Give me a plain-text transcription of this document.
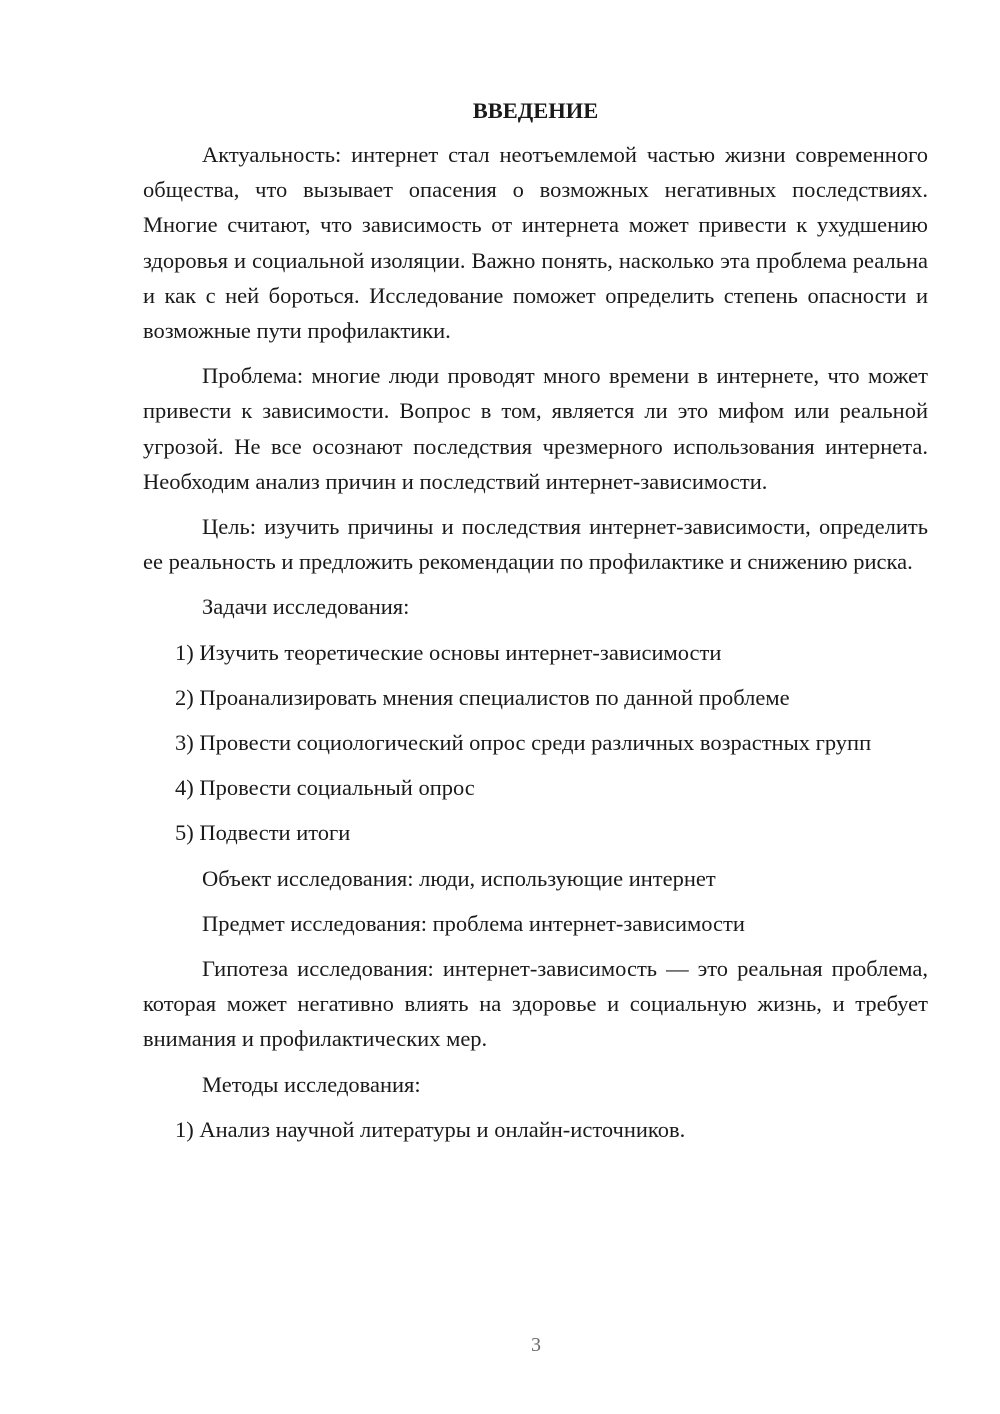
ВВЕДЕНИЕ

Актуальность: интернет стал неотъемлемой частью жизни современного общества, что вызывает опасения о возможных негативных последствиях. Многие считают, что зависимость от интернета может привести к ухудшению здоровья и социальной изоляции. Важно понять, насколько эта проблема реальна и как с ней бороться. Исследование поможет определить степень опасности и возможные пути профилактики.

Проблема: многие люди проводят много времени в интернете, что может привести к зависимости. Вопрос в том, является ли это мифом или реальной угрозой. Не все осознают последствия чрезмерного использования интернета. Необходим анализ причин и последствий интернет-зависимости.

Цель: изучить причины и последствия интернет-зависимости, определить ее реальность и предложить рекомендации по профилактике и снижению риска.

Задачи исследования:

1) Изучить теоретические основы интернет-зависимости

2) Проанализировать мнения специалистов по данной проблеме

3) Провести социологический опрос среди различных возрастных групп

4) Провести социальный опрос

5) Подвести итоги

Объект исследования: люди, использующие интернет

Предмет исследования: проблема интернет-зависимости

Гипотеза исследования: интернет-зависимость — это реальная проблема, которая может негативно влиять на здоровье и социальную жизнь, и требует внимания и профилактических мер.

Методы исследования:

1) Анализ научной литературы и онлайн-источников.

3
